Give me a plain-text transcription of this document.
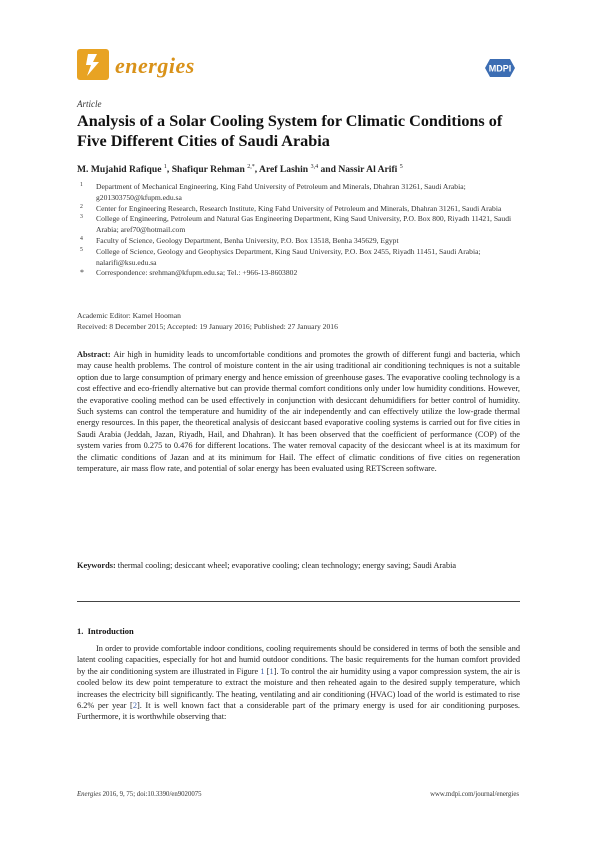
energies	MDPI
Article
Analysis of a Solar Cooling System for Climatic Conditions of Five Different Cities of Saudi Arabia
M. Mujahid Rafique $^1$, Shafiqur Rehman $^{2,*}$, Aref Lashin $^{3,4}$ and Nassir Al Arifi $^5$
1 Department of Mechanical Engineering, King Fahd University of Petroleum and Minerals, Dhahran 31261, Saudi Arabia; g201303750@kfupm.edu.sa
2 Center for Engineering Research, Research Institute, King Fahd University of Petroleum and Minerals, Dhahran 31261, Saudi Arabia
3 College of Engineering, Petroleum and Natural Gas Engineering Department, King Saud University, P.O. Box 800, Riyadh 11421, Saudi Arabia; aref70@hotmail.com
4 Faculty of Science, Geology Department, Benha University, P.O. Box 13518, Benha 345629, Egypt
5 College of Science, Geology and Geophysics Department, King Saud University, P.O. Box 2455, Riyadh 11451, Saudi Arabia; nalarifi@ksu.edu.sa
* Correspondence: srehman@kfupm.edu.sa; Tel.: +966-13-8603802
Academic Editor: Kamel Hooman
Received: 8 December 2015; Accepted: 19 January 2016; Published: 27 January 2016
Abstract: Air high in humidity leads to uncomfortable conditions and promotes the growth of different fungi and bacteria, which may cause health problems. The control of moisture content in the air using traditional air conditioning techniques is not a suitable option due to large consumption of primary energy and hence emission of greenhouse gases. The evaporative cooling technology is a cost effective and eco-friendly alternative but can provide thermal comfort conditions only under low humidity conditions. However, the evaporative cooling method can be used effectively in conjunction with desiccant dehumidifiers for better control of humidity. Such systems can control the temperature and humidity of the air independently and can effectively utilize the low-grade thermal energy resources. In this paper, the theoretical analysis of desiccant based evaporative cooling systems is carried out for five cities in Saudi Arabia (Jeddah, Jazan, Riyadh, Hail, and Dhahran). It has been observed that the coefficient of performance (COP) of the system varies from 0.275 to 0.476 for different locations. The water removal capacity of the desiccant wheel is at its maximum for the climatic conditions of Jazan and at its minimum for Hail. The effect of climatic conditions of five cities on regeneration temperature, air mass flow rate, and potential of solar energy has been evaluated using RETScreen software.
Keywords: thermal cooling; desiccant wheel; evaporative cooling; clean technology; energy saving; Saudi Arabia
1. Introduction
In order to provide comfortable indoor conditions, cooling requirements should be considered in terms of both the sensible and latent cooling capacities, especially for hot and humid outdoor conditions. The basic requirements for the human comfort provided by the air conditioning system are illustrated in Figure 1 [1]. To control the air humidity using a vapor compression system, the air is cooled below its dew point temperature to extract the moisture and then reheated again to the desired supply temperature, which increases the electricity bill significantly. The heating, ventilating and air conditioning (HVAC) load of the world is estimated to rise 6.2% per year [2]. It is well known fact that a considerable part of the primary energy is used for air conditioning purposes. Furthermore, it is worthwhile observing that:
Energies 2016, 9, 75; doi:10.3390/en9020075	www.mdpi.com/journal/energies
